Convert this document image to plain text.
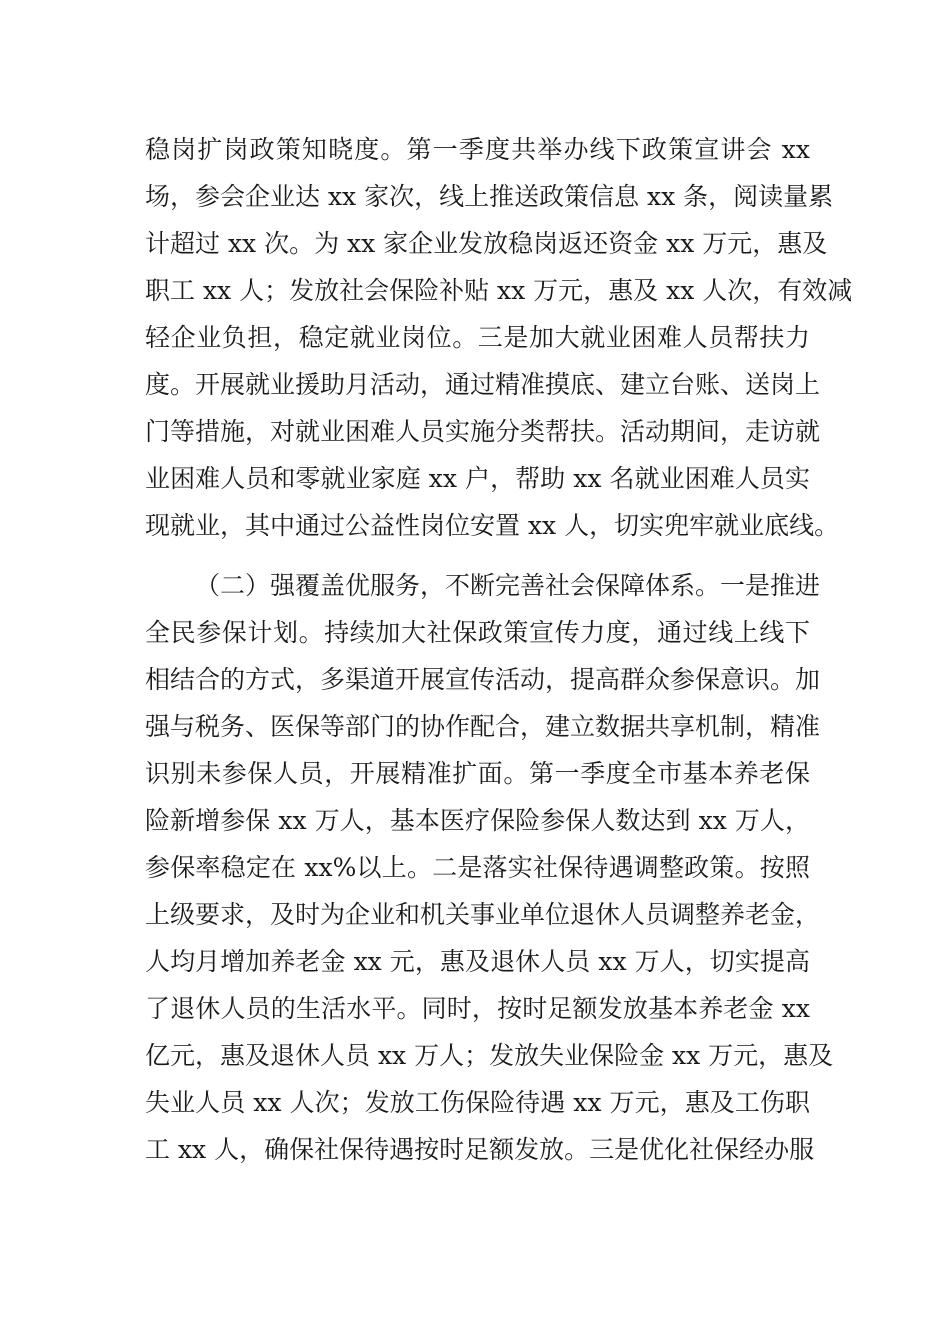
稳岗扩岗政策知晓度。第一季度共举办线下政策宣讲会 xx
场，参会企业达 xx 家次，线上推送政策信息 xx 条，阅读量累
计超过 xx 次。为 xx 家企业发放稳岗返还资金 xx 万元，惠及
职工 xx 人；发放社会保险补贴 xx 万元，惠及 xx 人次，有效减
轻企业负担，稳定就业岗位。三是加大就业困难人员帮扶力
度。开展就业援助月活动，通过精准摸底、建立台账、送岗上
门等措施，对就业困难人员实施分类帮扶。活动期间，走访就
业困难人员和零就业家庭 xx 户，帮助 xx 名就业困难人员实
现就业，其中通过公益性岗位安置 xx 人，切实兜牢就业底线。
（二）强覆盖优服务，不断完善社会保障体系。一是推进
全民参保计划。持续加大社保政策宣传力度，通过线上线下
相结合的方式，多渠道开展宣传活动，提高群众参保意识。加
强与税务、医保等部门的协作配合，建立数据共享机制，精准
识别未参保人员，开展精准扩面。第一季度全市基本养老保
险新增参保 xx 万人，基本医疗保险参保人数达到 xx 万人，
参保率稳定在 xx%以上。二是落实社保待遇调整政策。按照
上级要求，及时为企业和机关事业单位退休人员调整养老金，
人均月增加养老金 xx 元，惠及退休人员 xx 万人，切实提高
了退休人员的生活水平。同时，按时足额发放基本养老金 xx
亿元，惠及退休人员 xx 万人；发放失业保险金 xx 万元，惠及
失业人员 xx 人次；发放工伤保险待遇 xx 万元，惠及工伤职
工 xx 人，确保社保待遇按时足额发放。三是优化社保经办服
